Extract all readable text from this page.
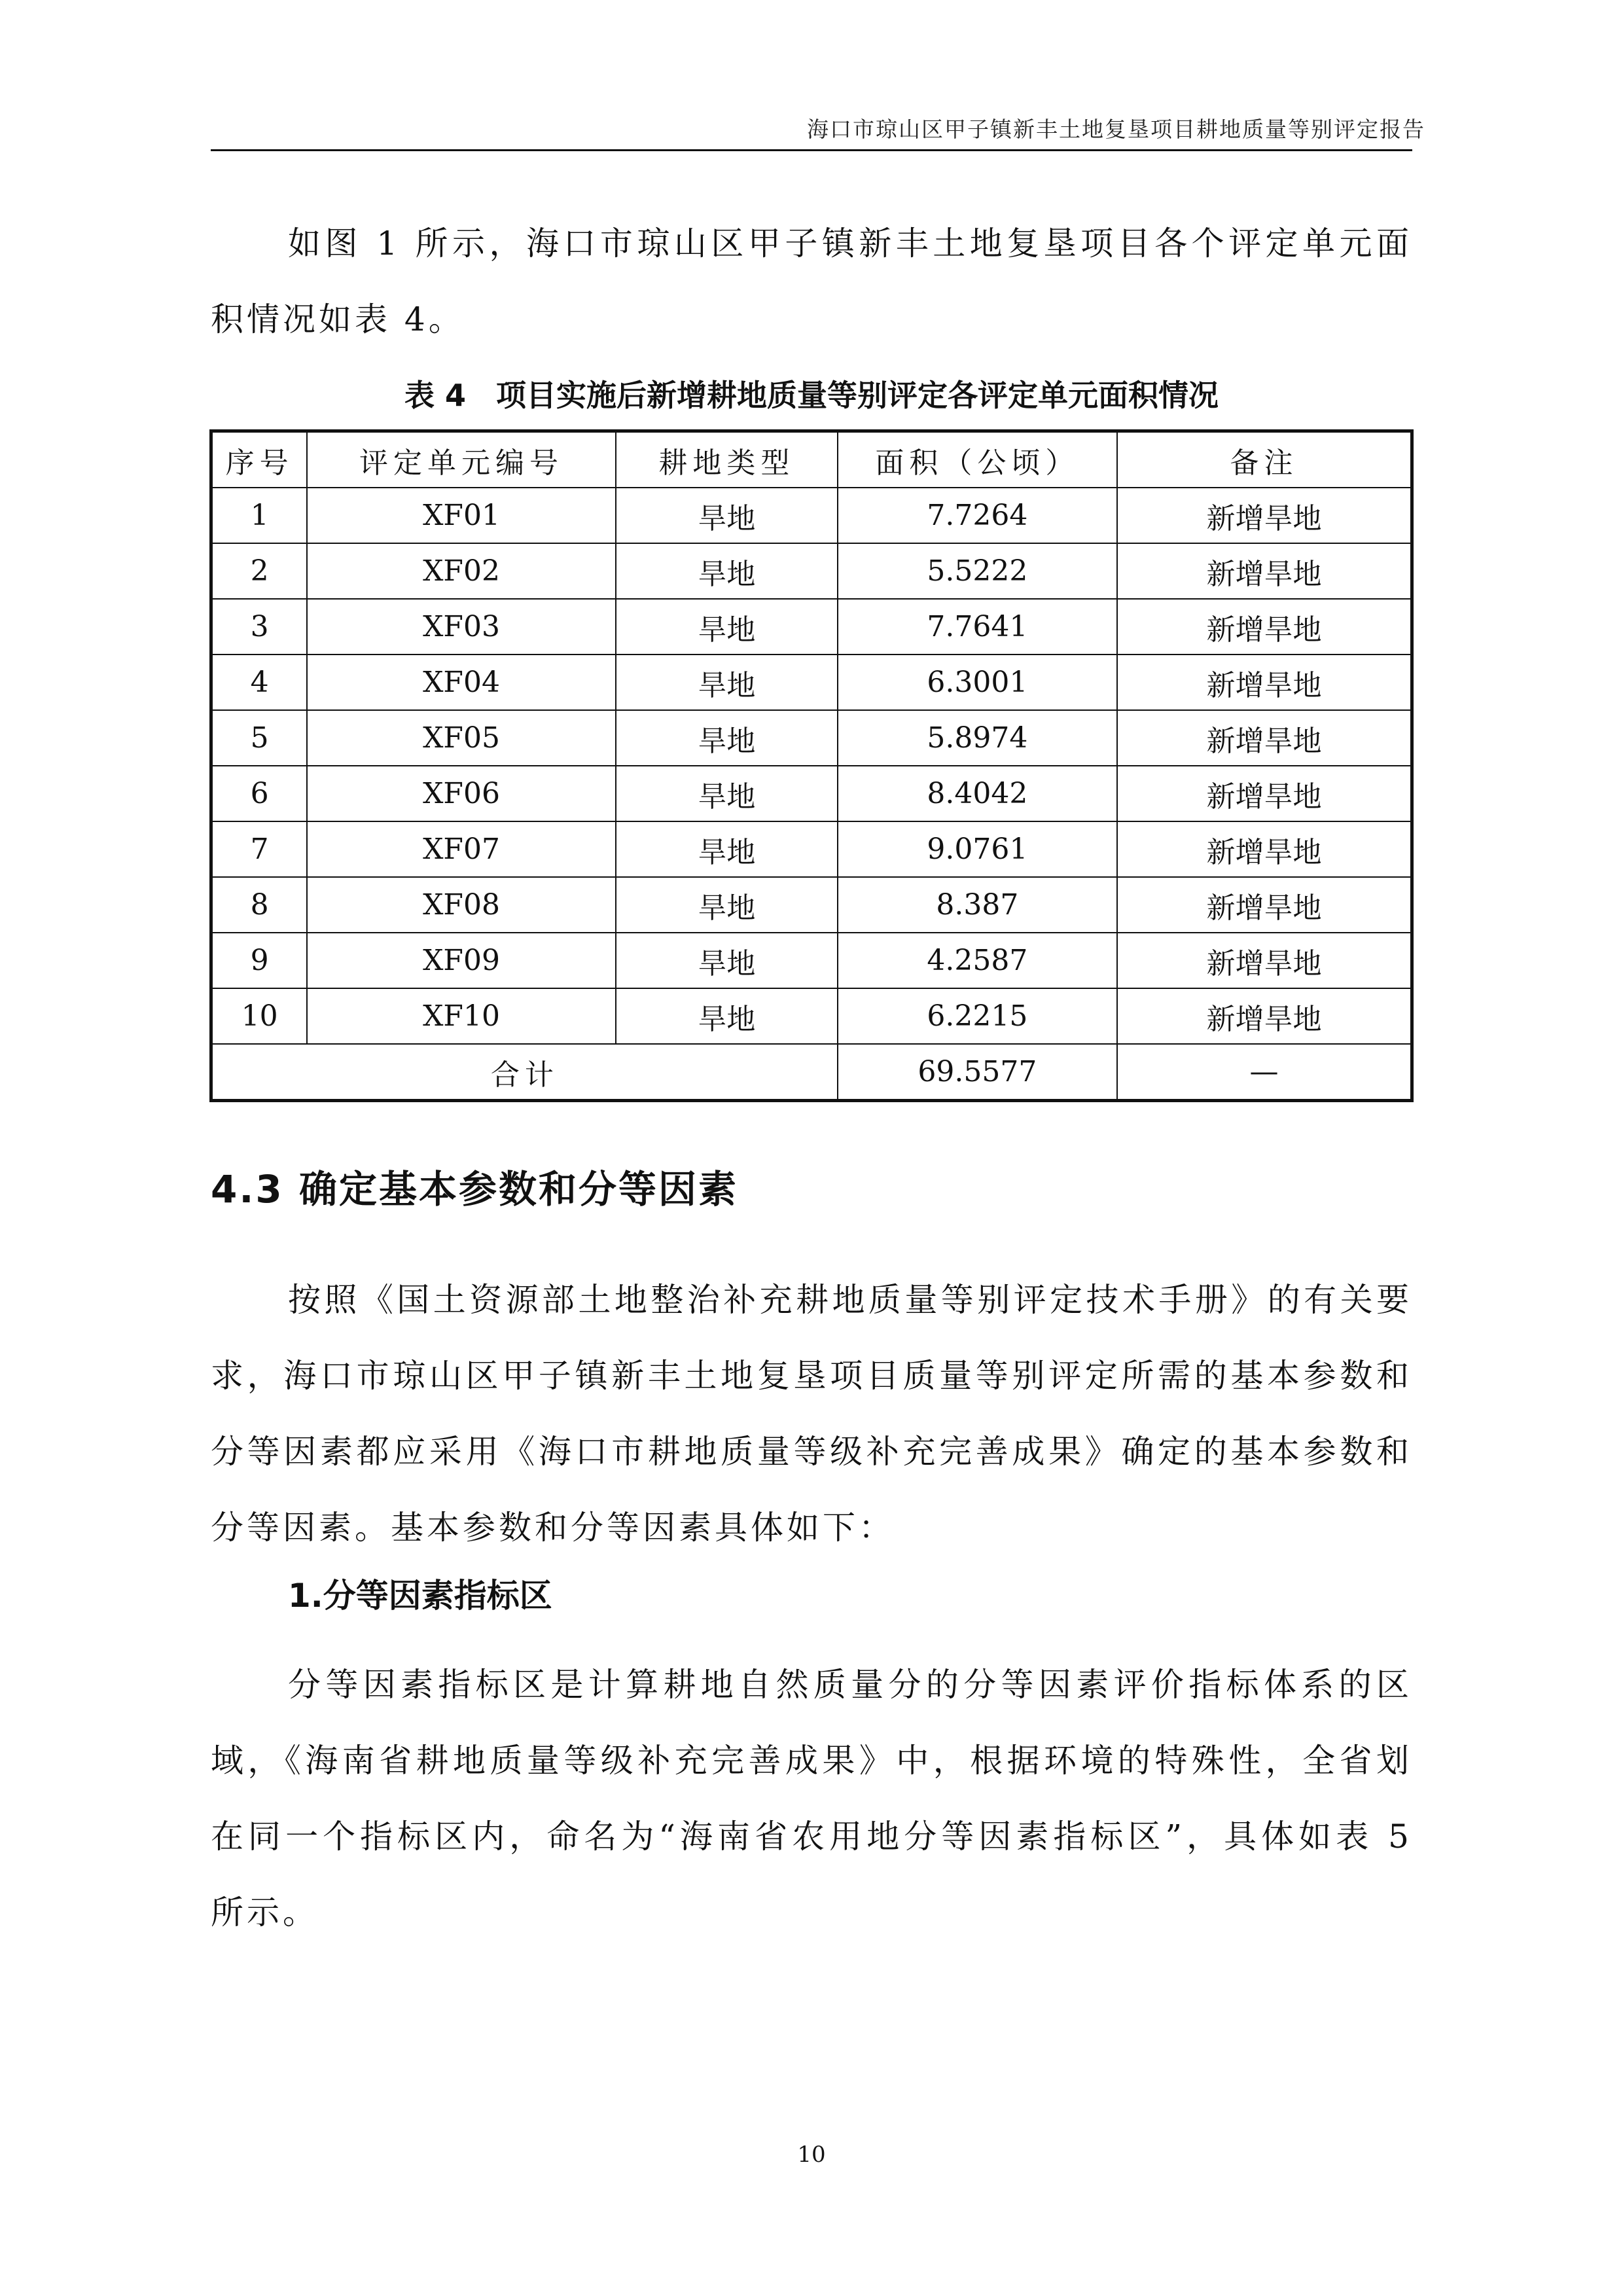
海口市琼山区甲子镇新丰土地复垦项目耕地质量等别评定报告

如图 1 所示，海口市琼山区甲子镇新丰土地复垦项目各个评定单元面积情况如表 4。

表 4　项目实施后新增耕地质量等别评定各评定单元面积情况
序号	评定单元编号	耕地类型	面积（公顷）	备注
1	XF01	旱地	7.7264	新增旱地
2	XF02	旱地	5.5222	新增旱地
3	XF03	旱地	7.7641	新增旱地
4	XF04	旱地	6.3001	新增旱地
5	XF05	旱地	5.8974	新增旱地
6	XF06	旱地	8.4042	新增旱地
7	XF07	旱地	9.0761	新增旱地
8	XF08	旱地	8.387	新增旱地
9	XF09	旱地	4.2587	新增旱地
10	XF10	旱地	6.2215	新增旱地
合计			69.5577	—
4.3 确定基本参数和分等因素

按照《国土资源部土地整治补充耕地质量等别评定技术手册》的有关要求，海口市琼山区甲子镇新丰土地复垦项目质量等别评定所需的基本参数和分等因素都应采用《海口市耕地质量等级补充完善成果》确定的基本参数和分等因素。基本参数和分等因素具体如下：

1.分等因素指标区

分等因素指标区是计算耕地自然质量分的分等因素评价指标体系的区域，《海南省耕地质量等级补充完善成果》中，根据环境的特殊性，全省划在同一个指标区内，命名为“海南省农用地分等因素指标区”，具体如表 5 所示。

10
